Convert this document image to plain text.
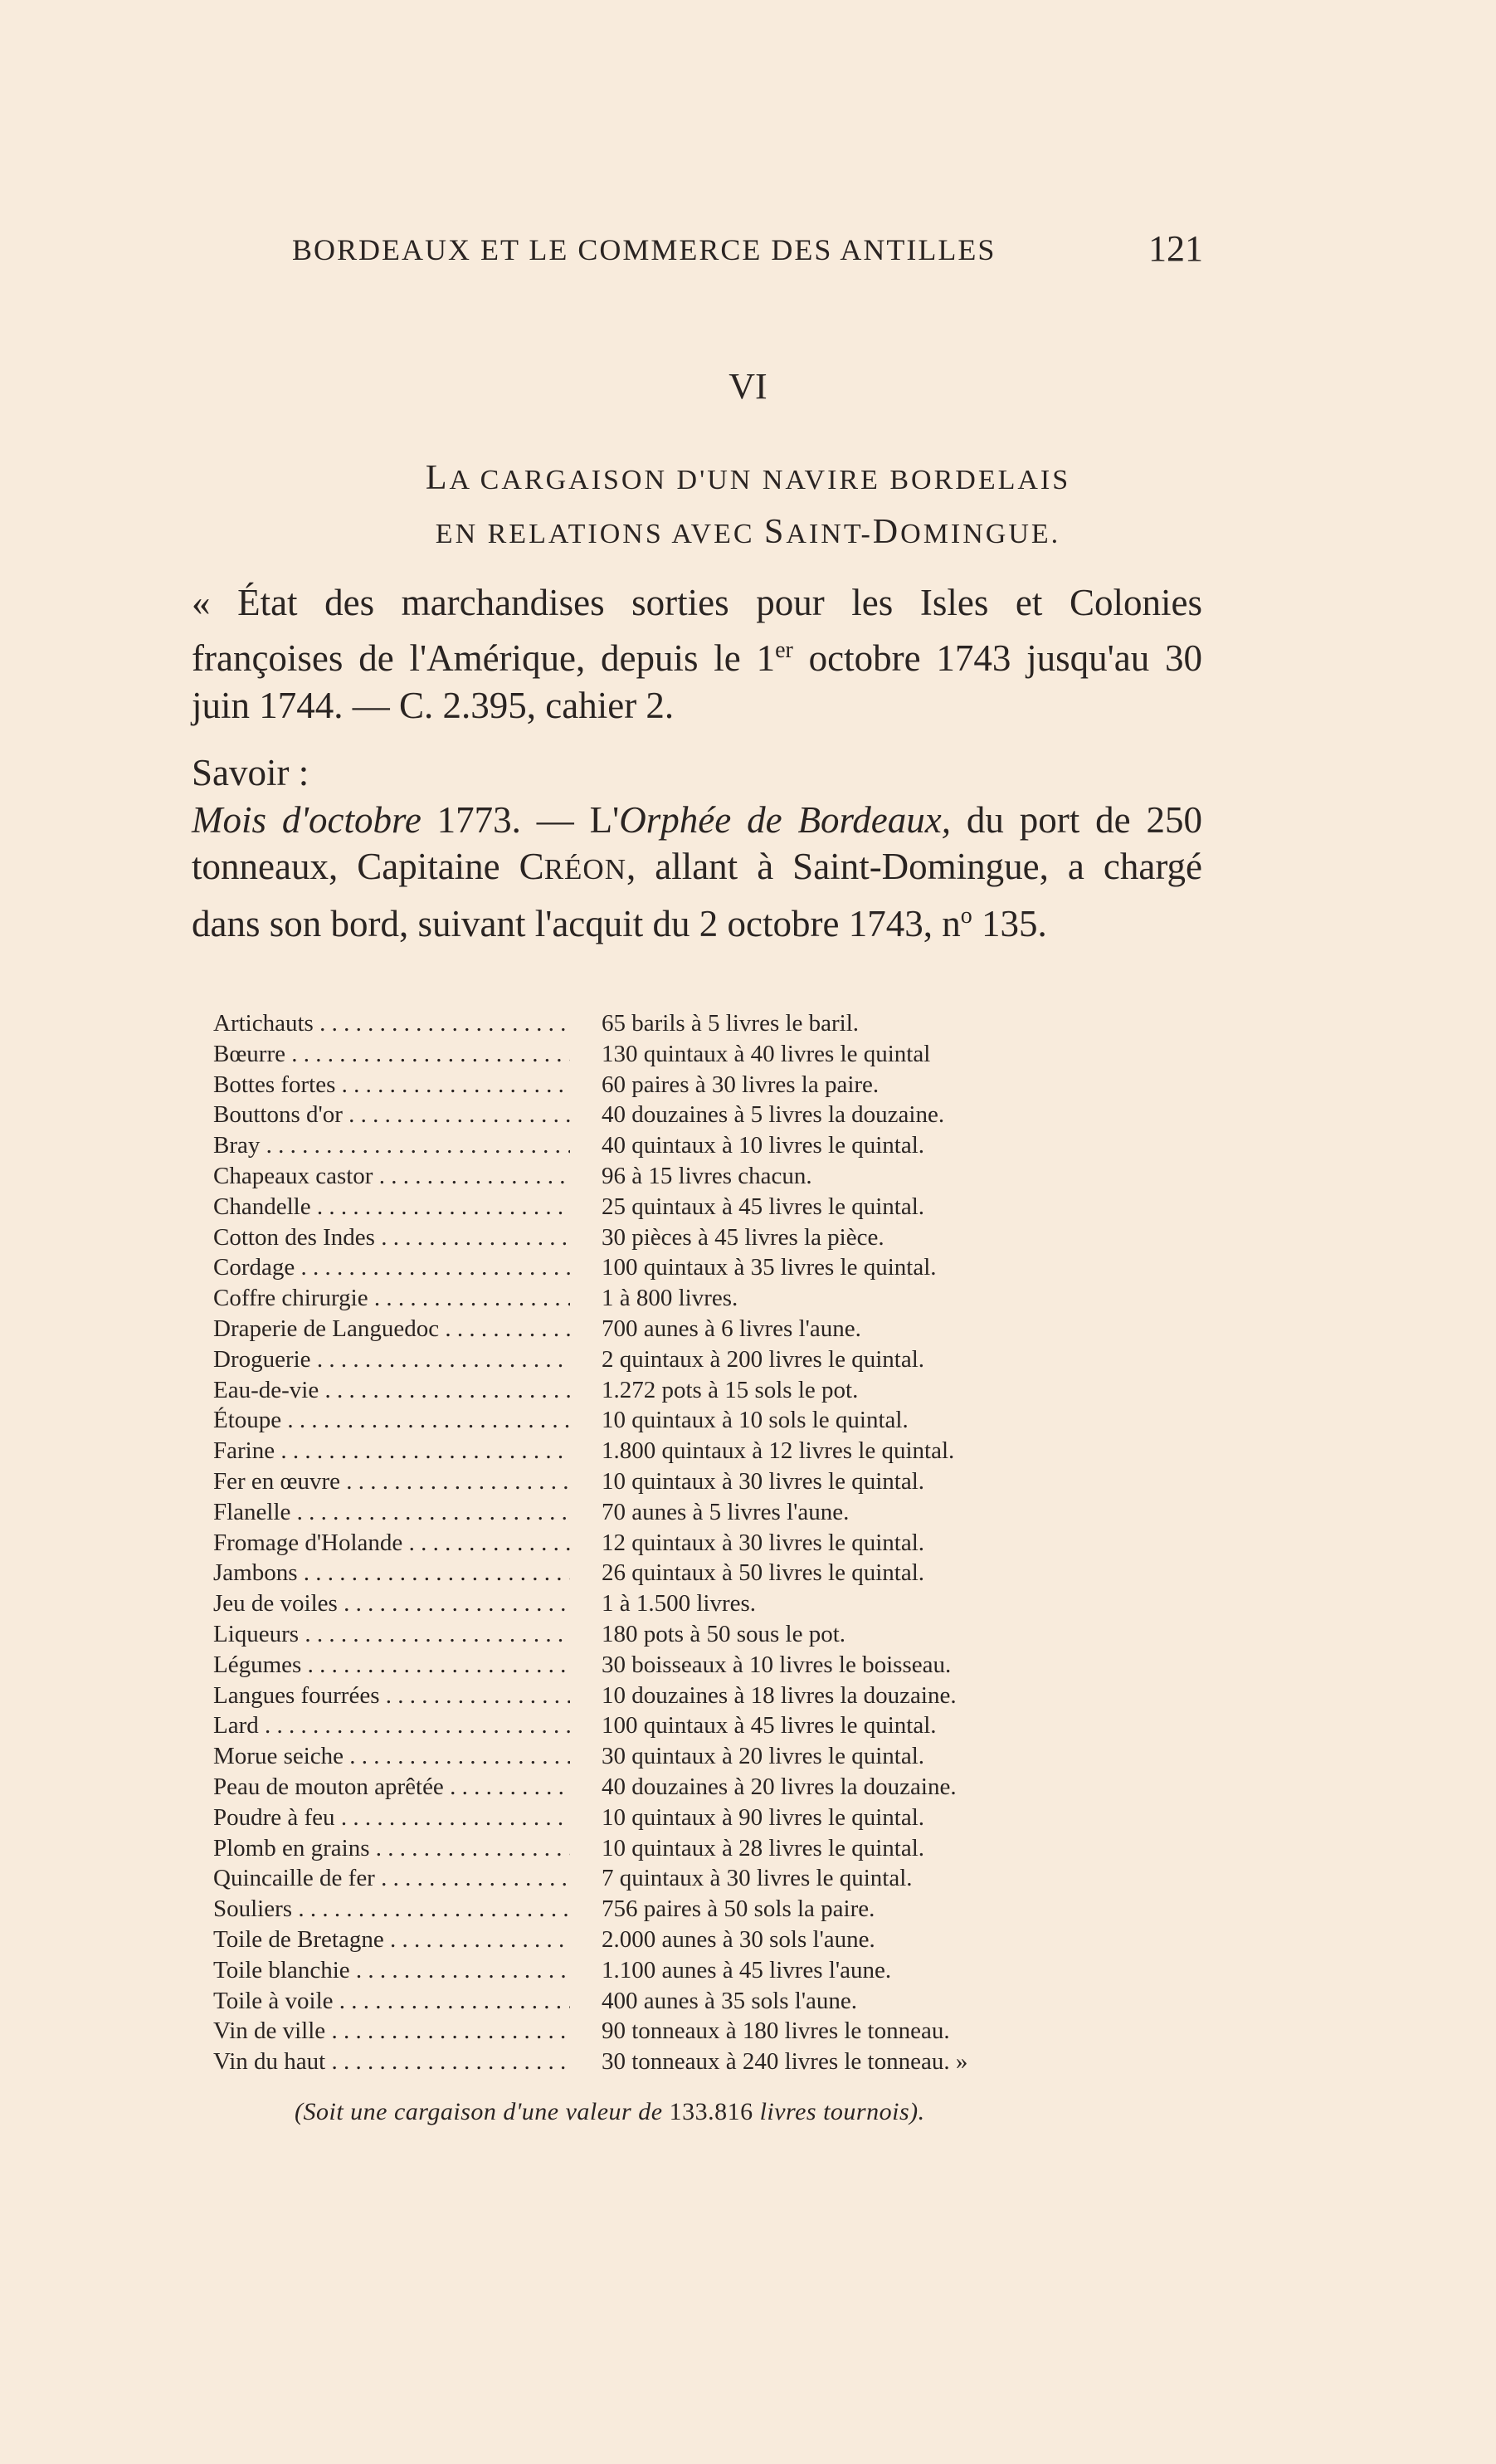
BORDEAUX ET LE COMMERCE DES ANTILLES	121
VI
LA CARGAISON D'UN NAVIRE BORDELAIS
EN RELATIONS AVEC SAINT-DOMINGUE.

« État des marchandises sorties pour les Isles et Colonies françoises de l'Amérique, depuis le 1er octobre 1743 jusqu'au 30 juin 1744. — C. 2.395, cahier 2.

Savoir :
Mois d'octobre 1773. — L'Orphée de Bordeaux, du port de 250 tonneaux, Capitaine CRÉON, allant à Saint-Domingue, a chargé dans son bord, suivant l'acquit du 2 octobre 1743, $n^o$ 135.
Artichauts . . .	65 barils à 5 livres le baril.
Bœurre . . .	130 quintaux à 40 livres le quintal
Bottes fortes . . .	60 paires à 30 livres la paire.
Bouttons d'or . . .	40 douzaines à 5 livres la douzaine.
Bray . . .	40 quintaux à 10 livres le quintal.
Chapeaux castor . . .	96 à 15 livres chacun.
Chandelle . . .	25 quintaux à 45 livres le quintal.
Cotton des Indes . . .	30 pièces à 45 livres la pièce.
Cordage . . .	100 quintaux à 35 livres le quintal.
Coffre chirurgie . . .	1 à 800 livres.
Draperie de Languedoc . . .	700 aunes à 6 livres l'aune.
Droguerie . . .	2 quintaux à 200 livres le quintal.
Eau-de-vie . . .	1.272 pots à 15 sols le pot.
Étoupe . . .	10 quintaux à 10 sols le quintal.
Farine . . .	1.800 quintaux à 12 livres le quintal.
Fer en œuvre . . .	10 quintaux à 30 livres le quintal.
Flanelle . . .	70 aunes à 5 livres l'aune.
Fromage d'Holande . . .	12 quintaux à 30 livres le quintal.
Jambons . . .	26 quintaux à 50 livres le quintal.
Jeu de voiles . . .	1 à 1.500 livres.
Liqueurs . . .	180 pots à 50 sous le pot.
Légumes . . .	30 boisseaux à 10 livres le boisseau.
Langues fourrées . . .	10 douzaines à 18 livres la douzaine.
Lard . . .	100 quintaux à 45 livres le quintal.
Morue seiche . . .	30 quintaux à 20 livres le quintal.
Peau de mouton aprêtée . . .	40 douzaines à 20 livres la douzaine.
Poudre à feu . . .	10 quintaux à 90 livres le quintal.
Plomb en grains . . .	10 quintaux à 28 livres le quintal.
Quincaille de fer . . .	7 quintaux à 30 livres le quintal.
Souliers . . .	756 paires à 50 sols la paire.
Toile de Bretagne . . .	2.000 aunes à 30 sols l'aune.
Toile blanchie . . .	1.100 aunes à 45 livres l'aune.
Toile à voile . . .	400 aunes à 35 sols l'aune.
Vin de ville . . .	90 tonneaux à 180 livres le tonneau.
Vin du haut . . .	30 tonneaux à 240 livres le tonneau. »
(Soit une cargaison d'une valeur de 133.816 livres tournois).
